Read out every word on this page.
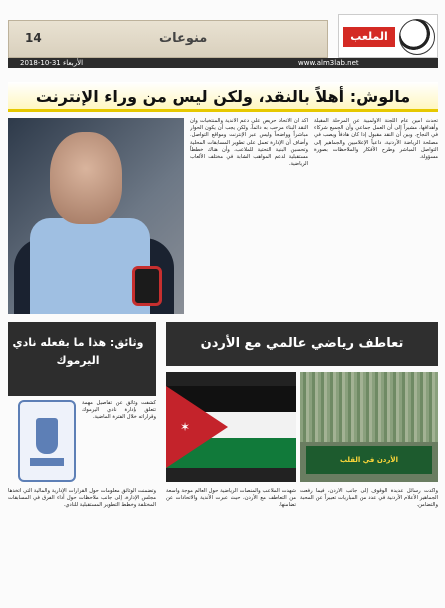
14	منوعات
الأربعاء 31-10-2018	www.alm3lab.net
الملعب
مالوش: أهلاً بالنقد، ولكن ليس من وراء الإنترنت
أكد أن الاتحاد حريص على دعم الأندية والمنتخبات وأن النقد البناء مرحب به دائماً، ولكن يجب أن يكون الحوار مباشراً وواضحاً وليس عبر الإنترنت ومواقع التواصل. وأضاف أن الإدارة تعمل على تطوير المسابقات المحلية وتحسين البنية التحتية للملاعب، وأن هناك خططاً مستقبلية لدعم المواهب الشابة في مختلف الألعاب الرياضية.
تحدث أمين عام اللجنة الأولمبية عن المرحلة المقبلة وأهدافها، مشيراً إلى أن العمل جماعي وأن الجميع شركاء في النجاح. وبين أن النقد مقبول إذا كان هادفاً ويصب في مصلحة الرياضة الأردنية، داعياً الإعلاميين والجماهير إلى التواصل المباشر وطرح الأفكار والملاحظات بصورة مسؤولة.
وثائق: هذا ما بفعله نادي اليرموك
كشفت وثائق عن تفاصيل مهمة تتعلق بإدارة نادي اليرموك وقراراته خلال الفترة الماضية.
وتضمنت الوثائق معلومات حول القرارات الإدارية والمالية التي اتخذها مجلس الإدارة، إلى جانب ملاحظات حول أداء الفرق في المسابقات المختلفة وخطط التطوير المستقبلية للنادي.
تعاطف رياضي عالمي مع الأردن
✶
الأردن في القلب
شهدت الملاعب والمنصات الرياضية حول العالم موجة واسعة من التعاطف مع الأردن، حيث عبرت الأندية والاتحادات عن تضامنها.
وأكدت رسائل عديدة الوقوف إلى جانب الأردن، فيما رفعت الجماهير الأعلام الأردنية في عدد من المباريات تعبيراً عن المحبة والتضامن.
